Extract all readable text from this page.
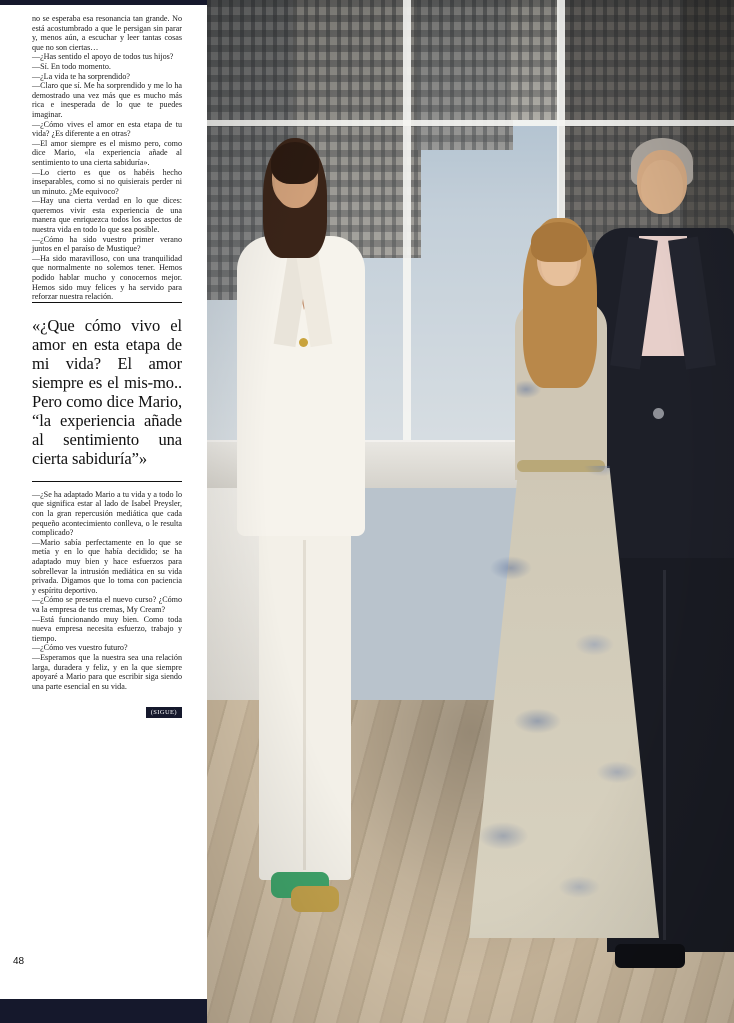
no se esperaba esa resonancia tan grande. No está acostumbrado a que le persigan sin parar y, menos aún, a escuchar y leer tantas cosas que no son ciertas…

—¿Has sentido el apoyo de todos tus hijos?

—Sí. En todo momento.

—¿La vida te ha sorprendido?

—Claro que sí. Me ha sorprendido y me lo ha demostrado una vez más que es mucho más rica e inesperada de lo que te puedes imaginar.

—¿Cómo vives el amor en esta etapa de tu vida? ¿Es diferente a en otras?

—El amor siempre es el mismo pero, como dice Mario, «la experiencia añade al sentimiento to una cierta sabiduría».

—Lo cierto es que os habéis hecho inseparables, como si no quisierais perder ni un minuto. ¿Me equivoco?

—Hay una cierta verdad en lo que dices: queremos vivir esta experiencia de una manera que enriquezca todos los aspectos de nuestra vida en todo lo que sea posible.

—¿Cómo ha sido vuestro primer verano juntos en el paraíso de Mustique?

—Ha sido maravilloso, con una tranquilidad que normalmente no solemos tener. Hemos podido hablar mucho y conocernos mejor. Hemos sido muy felices y ha servido para reforzar nuestra relación.

«¿Que cómo vivo el amor en esta etapa de mi vida? El amor siempre es el mis-mo.. Pero como dice Mario, “la experiencia añade al sentimiento una cierta sabiduría”»

—¿Se ha adaptado Mario a tu vida y a todo lo que significa estar al lado de Isabel Preysler, con la gran repercusión mediática que cada pequeño acontecimiento conlleva, o le resulta complicado?

—Mario sabía perfectamente en lo que se metía y en lo que había decidido; se ha adaptado muy bien y hace esfuerzos para sobrellevar la intrusión mediática en su vida privada. Digamos que lo toma con paciencia y espíritu deportivo.

—¿Cómo se presenta el nuevo curso? ¿Cómo va la empresa de tus cremas, My Cream?

—Está funcionando muy bien. Como toda nueva empresa necesita esfuerzo, trabajo y tiempo.

—¿Cómo ves vuestro futuro?

—Esperamos que la nuestra sea una relación larga, duradera y feliz, y en la que siempre apoyaré a Mario para que escribir siga siendo una parte esencial en su vida.

(SIGUE)
48
